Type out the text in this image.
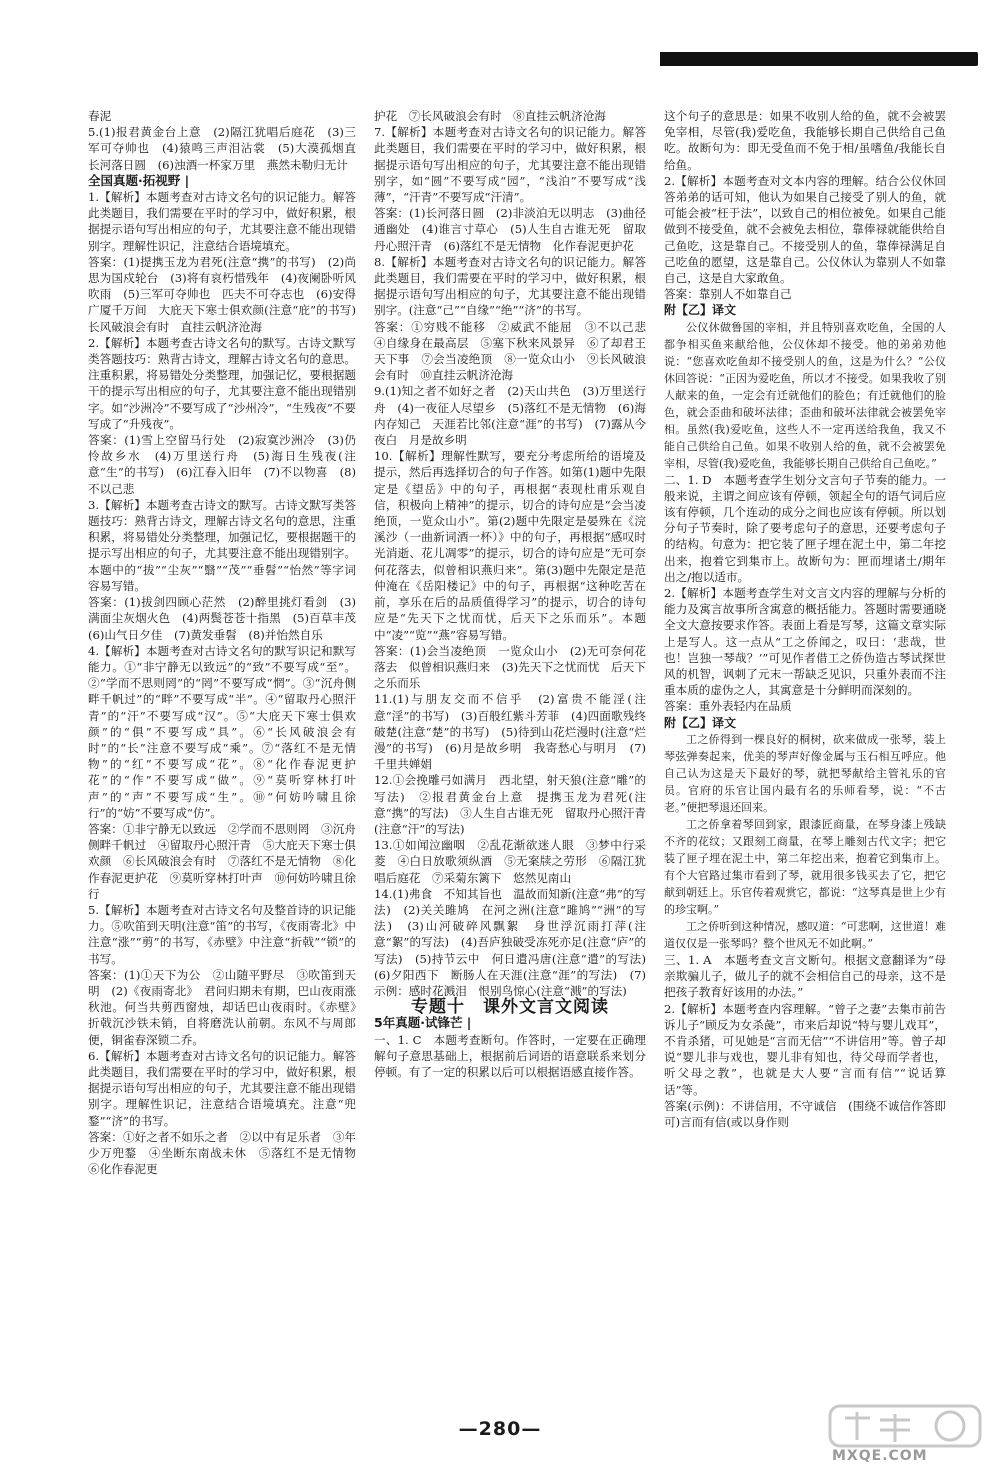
春泥

5.(1)报君黄金台上意　(2)隔江犹唱后庭花　(3)三军可夺帅也　(4)猿鸣三声泪沾裳　(5)大漠孤烟直　长河落日圆　(6)浊酒一杯家万里　燕然未勒归无计

全国真题·拓视野 |

1.【解析】本题考查对古诗文名句的识记能力。解答此类题目，我们需要在平时的学习中，做好积累，根据提示语句写出相应的句子，尤其要注意不能出现错别字。理解性识记，注意结合语境填充。

答案：(1)提携玉龙为君死(注意“携”的书写)　(2)尚思为国戍轮台　(3)将有哀朽惜残年　(4)夜阑卧听风吹雨　(5)三军可夺帅也　匹夫不可夺志也　(6)安得广厦千万间　大庇天下寒士俱欢颜(注意“庇”的书写)　长风破浪会有时　直挂云帆济沧海

2.【解析】本题考查古诗文名句的默写。古诗文默写类答题技巧：熟背古诗文，理解古诗文名句的意思。注重积累，将易错处分类整理，加强记忆，要根据题干的提示写出相应的句子，尤其要注意不能出现错别字。如“沙洲冷”不要写成了“沙州冷”，“生残夜”不要写成了“升残夜”。

答案：(1)雪上空留马行处　(2)寂寞沙洲冷　(3)仍怜故乡水　(4)万里送行舟　(5)海日生残夜(注意“生”的书写)　(6)江春入旧年　(7)不以物喜　(8)不以己悲

3.【解析】本题考查古诗文的默写。古诗文默写类答题技巧：熟背古诗文，理解古诗文名句的意思，注重积累，将易错处分类整理，加强记忆，要根据题干的提示写出相应的句子，尤其要注意不能出现错别字。本题中的“拔”“尘灰”“翳”“茂”“垂髫”“怡然”等字词容易写错。

答案：(1)拔剑四顾心茫然　(2)醉里挑灯看剑　(3)满面尘灰烟火色　(4)两鬓苍苍十指黑　(5)百草丰茂　(6)山气日夕佳　(7)黄发垂髫　(8)并怡然自乐

4.【解析】本题考查对古诗文名句的默写识记和默写能力。①“非宁静无以致远”的“致”不要写成“至”。②“学而不思则罔”的“罔”不要写成“惘”。③“沉舟侧畔千帆过”的“畔”不要写成“半”。④“留取丹心照汗青”的“汗”不要写成“汉”。⑤“大庇天下寒士俱欢颜”的“俱”不要写成“具”。⑥“长风破浪会有时”的“长”注意不要写成“乘”。⑦“落红不是无情物”的“红”不要写成“花”。⑧“化作春泥更护花”的“作”不要写成“做”。⑨“莫听穿林打叶声”的“声”不要写成“生”。⑩“何妨吟啸且徐行”的“妨”不要写成“仿”。

答案：①非宁静无以致远　②学而不思则罔　③沉舟侧畔千帆过　④留取丹心照汗青　⑤大庇天下寒士俱欢颜　⑥长风破浪会有时　⑦落红不是无情物　⑧化作春泥更护花　⑨莫听穿林打叶声　⑩何妨吟啸且徐行

5.【解析】本题考查对古诗文名句及整首诗的识记能力。⑤吹笛到天明(注意“笛”的书写，《夜雨寄北》中注意“涨”“剪”的书写，《赤壁》中注意“折戟”“锁”的书写。

答案：(1)①天下为公　②山随平野尽　③吹笛到天明　(2)《夜雨寄北》　君问归期未有期，巴山夜雨涨秋池。何当共剪西窗烛，却话巴山夜雨时。《赤壁》　折戟沉沙铁未销，自将磨洗认前朝。东风不与周郎便，铜雀春深锁二乔。

6.【解析】本题考查对古诗文名句的识记能力。解答此类题目，我们需要在平时的学习中，做好积累，根据提示语句写出相应的句子，尤其要注意不能出现错别字。理解性识记，注意结合语境填充。注意“兜鍪”“济”的书写。

答案：①好之者不如乐之者　②以中有足乐者　③年少万兜鍪　④坐断东南战未休　⑤落红不是无情物　⑥化作春泥更

护花　⑦长风破浪会有时　⑧直挂云帆济沧海

7.【解析】本题考查对古诗文名句的识记能力。解答此类题目，我们需要在平时的学习中，做好积累，根据提示语句写出相应的句子，尤其要注意不能出现错别字，如“圆”不要写成“园”，“浅泊”不要写成“浅薄”，“汗青”不要写成“汗清”。

答案：(1)长河落日圆　(2)非淡泊无以明志　(3)曲径通幽处　(4)谁言寸草心　(5)人生自古谁无死　留取丹心照汗青　(6)落红不是无情物　化作春泥更护花

8.【解析】本题考查对古诗文名句的识记能力。解答此类题目，我们需要在平时的学习中，做好积累，根据提示语句写出相应的句子，尤其要注意不能出现错别字。(注意“己”“自缘”“绝”“济”的书写。

答案：①穷贱不能移　②威武不能屈　③不以己悲　④自缘身在最高层　⑤塞下秋来风景异　⑥了却君王天下事　⑦会当凌绝顶　⑧一览众山小　⑨长风破浪会有时　⑩直挂云帆济沧海

9.(1)知之者不如好之者　(2)天山共色　(3)万里送行舟　(4)一夜征人尽望乡　(5)落红不是无情物　(6)海内存知己　天涯若比邻(注意“涯”的书写)　(7)露从今夜白　月是故乡明

10.【解析】理解性默写，要充分考虑所给的语境及提示，然后再选择切合的句子作答。如第(1)题中先限定是《望岳》中的句子，再根据“表现杜甫乐观自信，积极向上精神”的提示，切合的诗句应是“会当凌绝顶，一览众山小”。第(2)题中先限定是晏殊在《浣溪沙（一曲新词酒一杯）》中的句子，再根据“感叹时光消逝、花儿凋零”的提示，切合的诗句应是“无可奈何花落去，似曾相识燕归来”。第(3)题中先限定是范仲淹在《岳阳楼记》中的句子，再根据“这种吃苦在前，享乐在后的品质值得学习”的提示，切合的诗句应是“先天下之忧而忧，后天下之乐而乐”。本题中“凌”“览”“燕”容易写错。

答案：(1)会当凌绝顶　一览众山小　(2)无可奈何花落去　似曾相识燕归来　(3)先天下之忧而忧　后天下之乐而乐

11.(1)与朋友交而不信乎　(2)富贵不能淫(注意“淫”的书写)　(3)百般红紫斗芳菲　(4)四面歌残终破楚(注意“楚”的书写)　(5)待到山花烂漫时(注意“烂漫”的书写)　(6)月是故乡明　我寄愁心与明月　(7)千里共婵娟

12.①会挽雕弓如满月　西北望，射天狼(注意“雕”的写法)　②报君黄金台上意　提携玉龙为君死(注意“携”的写法)　③人生自古谁无死　留取丹心照汗青(注意“汗”的写法)

13.①如闻泣幽咽　②乱花渐欲迷人眼　③梦中行采菱　④白日放歌须纵酒　⑤无案牍之劳形　⑥隔江犹唱后庭花　⑦采菊东篱下　悠然见南山

14.(1)弗食　不知其旨也　温故而知新(注意“弗”的写法)　(2)关关雎鸠　在河之洲(注意“雎鸠”“洲”的写法)　(3)山河破碎风飘絮　身世浮沉雨打萍(注意“絮”的写法)　(4)吾庐独破受冻死亦足(注意“庐”的写法)　(5)持节云中　何日遣冯唐(注意“遣”的写法)　(6)夕阳西下　断肠人在天涯(注意“涯”的写法)　(7)示例：感时花溅泪　恨别鸟惊心(注意“溅”的写法)

专题十　课外文言文阅读

5年真题·试锋芒 |

一、1. C　本题考查断句。作答时，一定要在正确理解句子意思基础上，根据前后词语的语意联系来划分停顿。有了一定的积累以后可以根据语感直接作答。

这个句子的意思是：如果不收别人给的鱼，就不会被罢免宰相，尽管(我)爱吃鱼，我能够长期自己供给自己鱼吃。故断句为：即无受鱼而不免于相/虽嗜鱼/我能长自给鱼。

2.【解析】本题考查对文本内容的理解。结合公仪休回答弟弟的话可知，他认为如果自己接受了别人的鱼，就可能会被“枉于法”，以致自己的相位被免。如果自己能做到不接受鱼，就不会被免去相位，靠俸禄就能供给自己鱼吃，这是靠自己。不接受别人的鱼，靠俸禄满足自己吃鱼的愿望，这是靠自己。公仪休认为靠别人不如靠自己，这是自大家敢鱼。

答案：靠别人不如靠自己

附【乙】译文

公仪休做鲁国的宰相，并且特别喜欢吃鱼，全国的人都争相买鱼来献给他，公仪休却不接受。他的弟弟劝他说：“您喜欢吃鱼却不接受别人的鱼，这是为什么？”公仪休回答说：“正因为爱吃鱼，所以才不接受。如果我收了别人献来的鱼，一定会有迁就他们的脸色；有迁就他们的脸色，就会歪曲和破坏法律；歪曲和破坏法律就会被罢免宰相。虽然(我)爱吃鱼，这些人不一定再送给我鱼，我又不能自己供给自己鱼。如果不收别人给的鱼，就不会被罢免宰相，尽管(我)爱吃鱼，我能够长期自己供给自己鱼吃。”

二、1. D　本题考查学生划分文言句子节奏的能力。一般来说，主谓之间应该有停顿，领起全句的语气词后应该有停顿，几个连动的成分之间也应该有停顿。所以划分句子节奏时，除了要考虑句子的意思，还要考虑句子的结构。句意为：把它装了匣子埋在泥土中，第二年挖出来，抱着它到集市上。故断句为：匣而埋诸土/期年出之/抱以适市。

2.【解析】本题考查学生对文言文内容的理解与分析的能力及寓言故事所含寓意的概括能力。答题时需要通晓全文大意按要求作答。表面上看是写琴，这篇文章实际上是写人。这一点从“工之侨闻之，叹曰：‘悲哉，世也！岂独一琴哉？’”可见作者借工之侨伪造古琴试探世风的机智，讽刺了元末一帮缺乏见识，只重外表而不注重本质的虚伪之人，其寓意是十分鲜明而深刻的。

答案：重外表轻内在品质

附【乙】译文

工之侨得到一棵良好的桐树，砍来做成一张琴，装上琴弦弹奏起来，优美的琴声好像金属与玉石相互呼应。他自己认为这是天下最好的琴，就把琴献给主管礼乐的官员。官府的乐官让国内最有名的乐师看琴，说：“不古老。”便把琴退还回来。

工之侨拿着琴回到家，跟漆匠商量，在琴身漆上残缺不齐的花纹；又跟刻工商量，在琴上雕刻古代文字；把它装了匣子埋在泥土中，第二年挖出来，抱着它到集市上。有个大官路过集市看到了琴，就用很多钱买去了它，把它献到朝廷上。乐官传着观赏它，都说：“这琴真是世上少有的珍宝啊。”

工之侨听到这种情况，感叹道：“可悲啊，这世道！难道仅仅是一张琴吗？整个世风无不如此啊。”

三、1. A　本题考查文言文断句。根据文意翻译为“母亲欺骗儿子，做儿子的就不会相信自己的母亲，这不是把孩子教育好该用的办法。”

2.【解析】本题考查内容理解。“曾子之妻”去集市前告诉儿子“顾反为女杀彘”，市来后却说“特与婴儿戏耳”，不肯杀猪，可见她是“言而无信”“不讲信用”等。曾子却说“婴儿非与戏也，婴儿非有知也，待父母而学者也，听父母之教”，也就是大人要“言而有信”“说话算话”等。

答案(示例)：不讲信用，不守诚信　(围绕不诚信作答即可)言而有信(或以身作则

—280—
MXQE.COM
